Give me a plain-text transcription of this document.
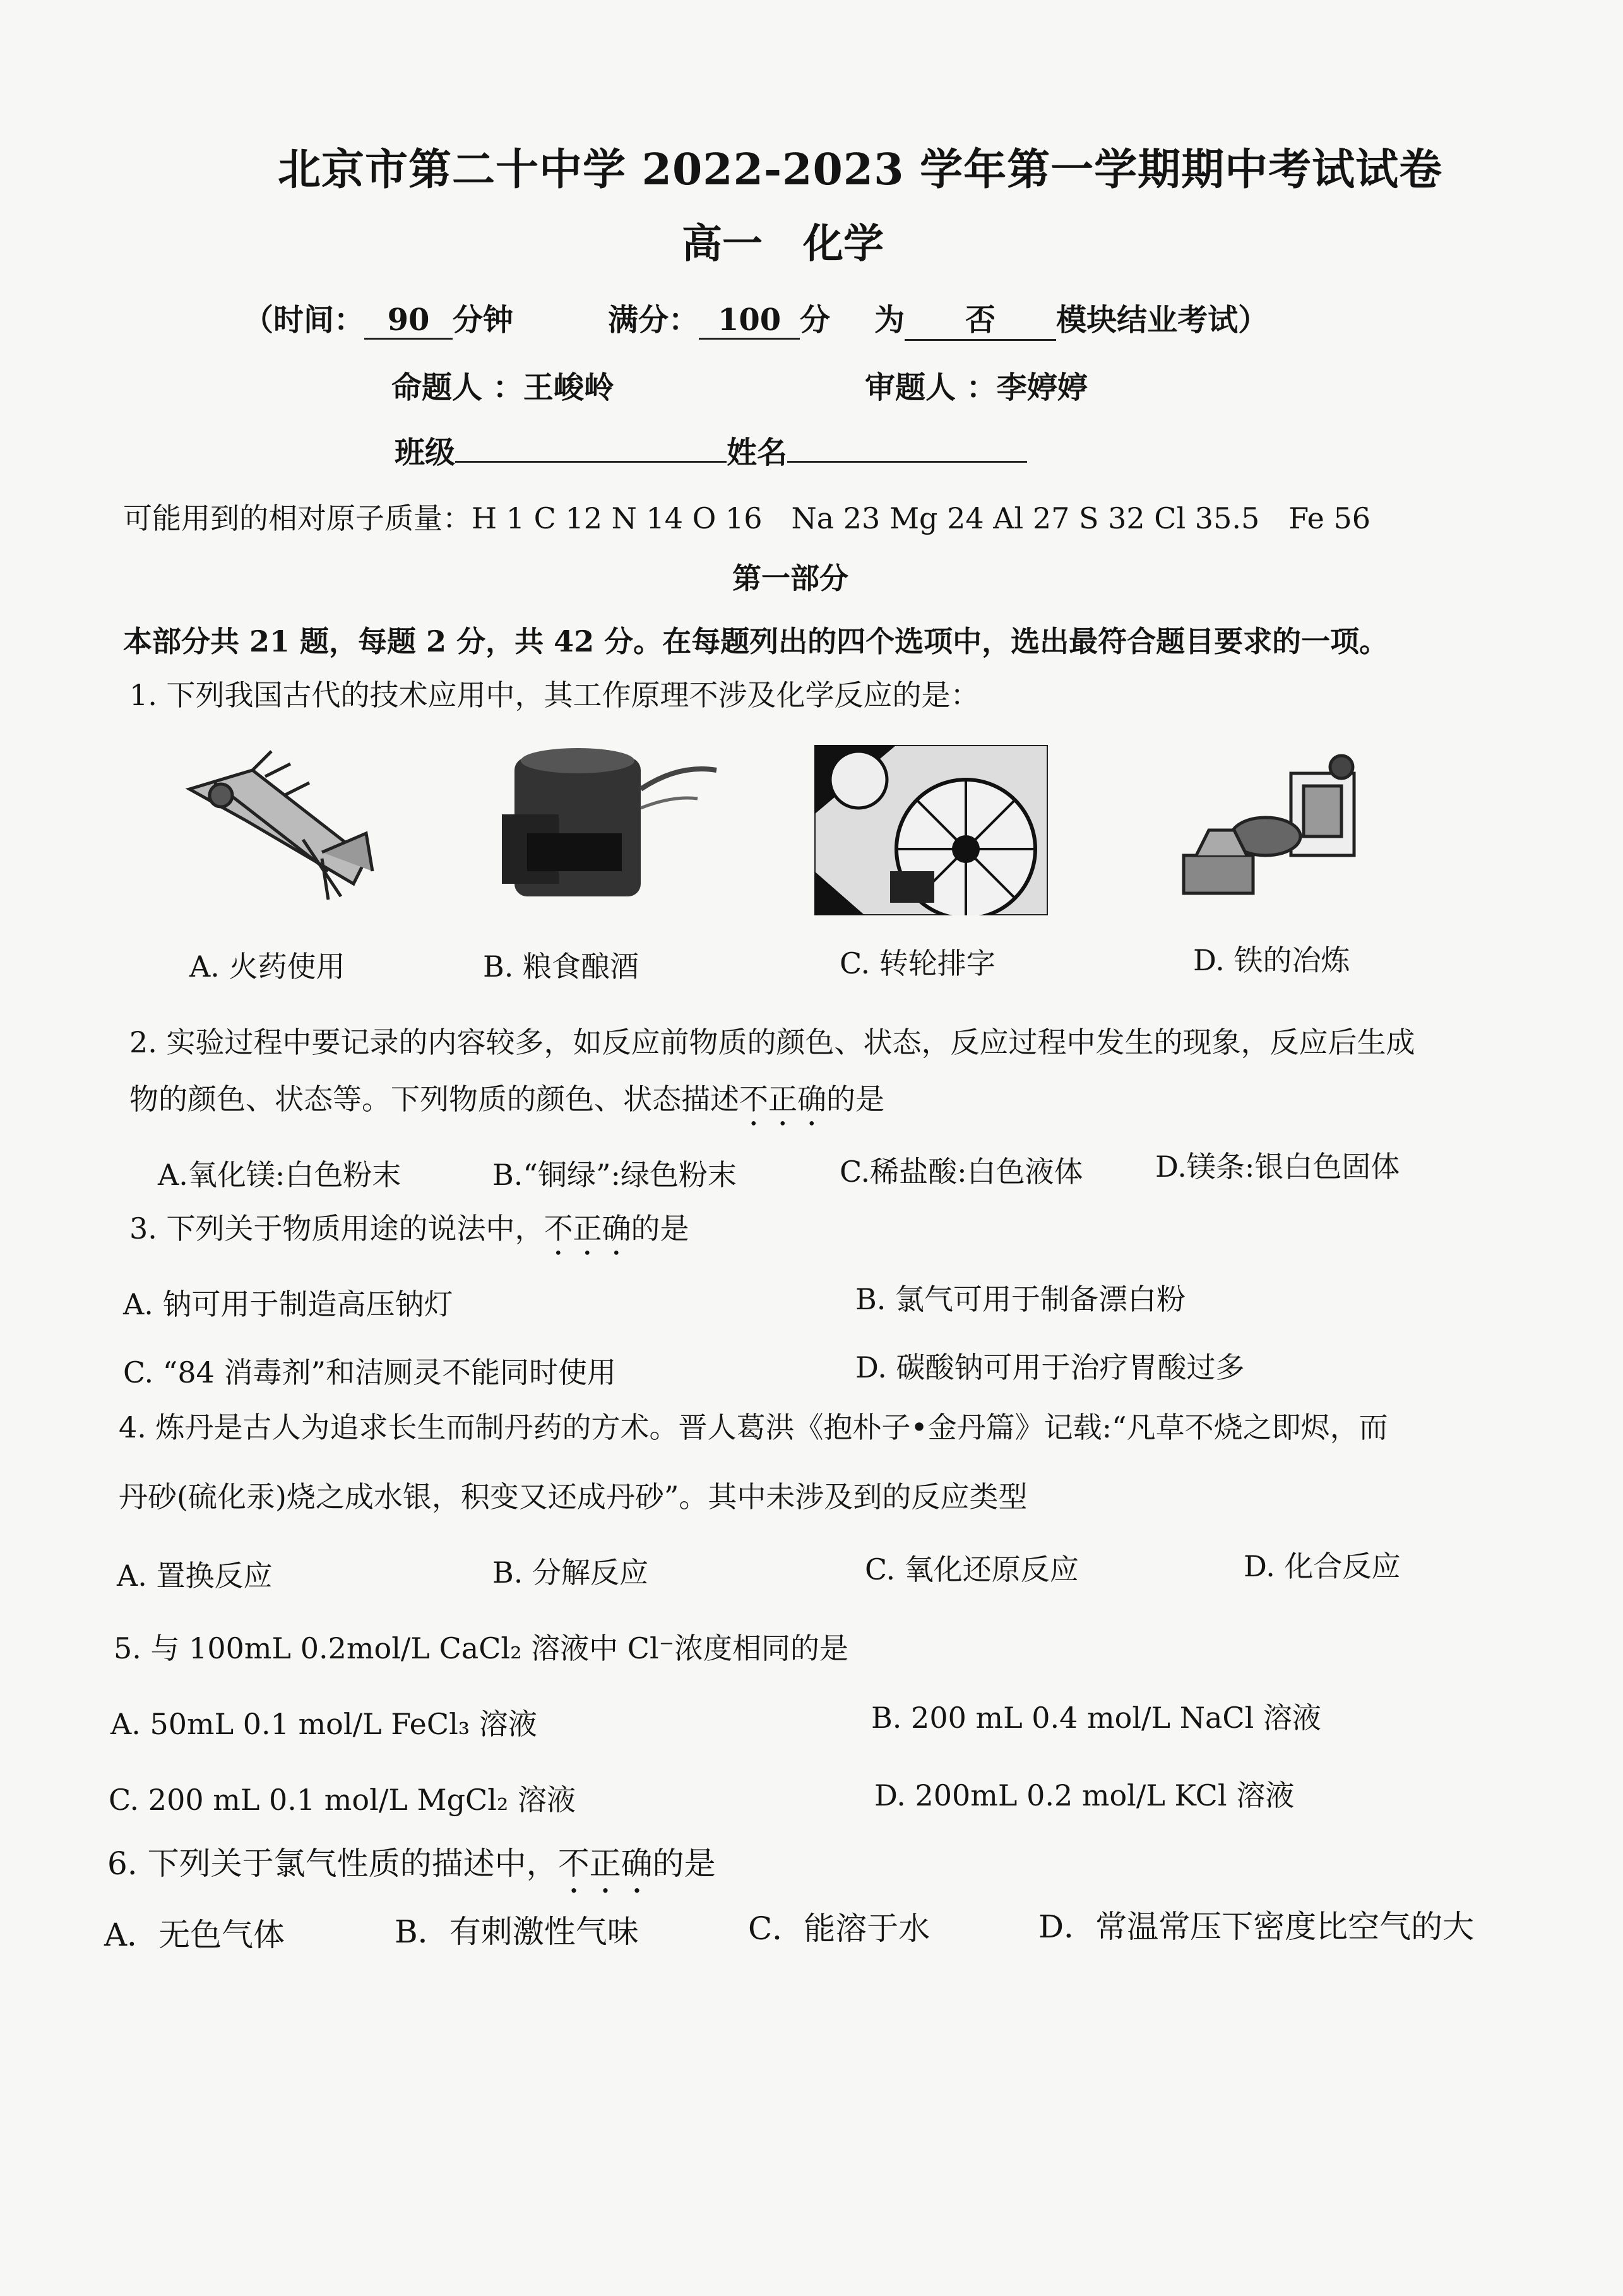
北京市第二十中学 2022-2023 学年第一学期期中考试试卷
高一　化学
（时间： 90 分钟	满分： 100 分 为 否 模块结业考试）
命题人 ：王峻岭	审题人 ：李婷婷
班级	姓名
可能用到的相对原子质量：H 1 C 12 N 14 O 16　Na 23 Mg 24 Al 27 S 32 Cl 35.5　Fe 56
第一部分
本部分共 21 题，每题 2 分，共 42 分。在每题列出的四个选项中，选出最符合题目要求的一项。
1. 下列我国古代的技术应用中，其工作原理不涉及化学反应的是：
A. 火药使用	B. 粮食酿酒	C. 转轮排字	D. 铁的冶炼
2. 实验过程中要记录的内容较多，如反应前物质的颜色、状态，反应过程中发生的现象，反应后生成
物的颜色、状态等。下列物质的颜色、状态描述不正确的是
A.氧化镁:白色粉末	B.“铜绿”:绿色粉末	C.稀盐酸:白色液体 D.镁条:银白色固体
3. 下列关于物质用途的说法中，不正确的是
A. 钠可用于制造高压钠灯	B. 氯气可用于制备漂白粉
C. “84 消毒剂”和洁厕灵不能同时使用	D. 碳酸钠可用于治疗胃酸过多
4. 炼丹是古人为追求长生而制丹药的方术。晋人葛洪《抱朴子•金丹篇》记载:“凡草不烧之即烬，而
丹砂(硫化汞)烧之成水银，积变又还成丹砂”。其中未涉及到的反应类型
A. 置换反应	B. 分解反应	C. 氧化还原反应	D. 化合反应
5. 与 100mL 0.2mol/L CaCl₂ 溶液中 Cl⁻浓度相同的是
A. 50mL 0.1 mol/L FeCl₃ 溶液	B. 200 mL 0.4 mol/L NaCl 溶液
C. 200 mL 0.1 mol/L MgCl₂ 溶液	D. 200mL 0.2 mol/L KCl 溶液
6. 下列关于氯气性质的描述中，不正确的是
A．无色气体	B．有刺激性气味	C．能溶于水	D．常温常压下密度比空气的大
